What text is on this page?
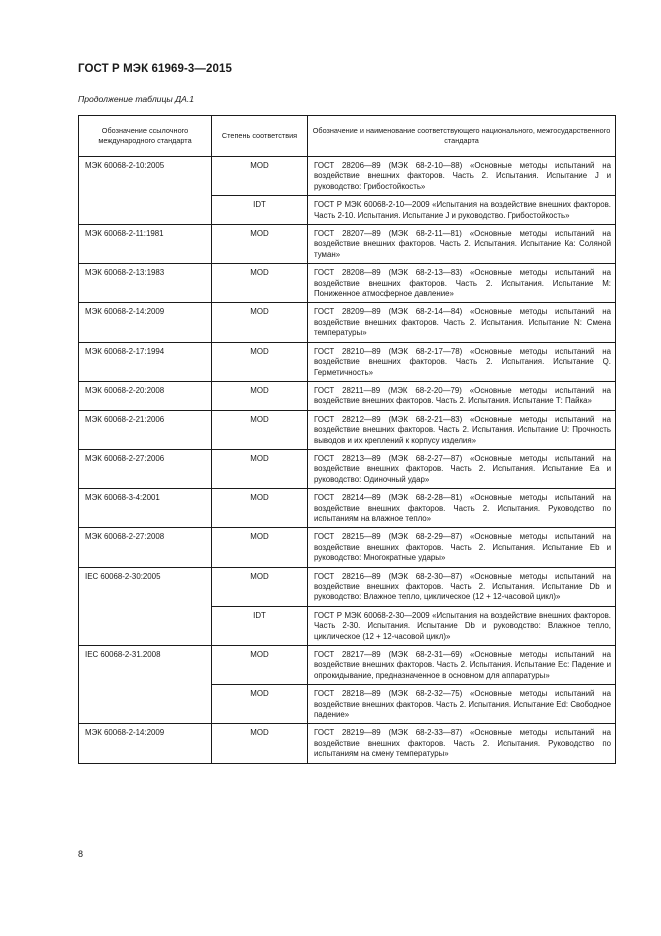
ГОСТ Р МЭК 61969-3—2015
Продолжение таблицы ДА.1
Обозначение ссылочного международного стандарта	Степень соответствия	Обозначение и наименование соответствующего национального, межгосударственного стандарта
МЭК 60068-2-10:2005	MOD	ГОСТ 28206—89 (МЭК 68-2-10—88) «Основные методы испытаний на воздействие внешних факторов. Часть 2. Испытания. Испытание J и руководство: Грибостойкость»
	IDT	ГОСТ Р МЭК 60068-2-10—2009 «Испытания на воздействие внешних факторов. Часть 2-10. Испытания. Испытание J и руководство. Грибостойкость»
МЭК 60068-2-11:1981	MOD	ГОСТ 28207—89 (МЭК 68-2-11—81) «Основные методы испытаний на воздействие внешних факторов. Часть 2. Испытания. Испытание Ка: Соляной туман»
МЭК 60068-2-13:1983	MOD	ГОСТ 28208—89 (МЭК 68-2-13—83) «Основные методы испытаний на воздействие внешних факторов. Часть 2. Испытания. Испытание М: Пониженное атмосферное давление»
МЭК 60068-2-14:2009	MOD	ГОСТ 28209—89 (МЭК 68-2-14—84) «Основные методы испытаний на воздействие внешних факторов. Часть 2. Испытания. Испытание N: Смена температуры»
МЭК 60068-2-17:1994	MOD	ГОСТ 28210—89 (МЭК 68-2-17—78) «Основные методы испытаний на воздействие внешних факторов. Часть 2. Испытания. Испытание Q. Герметичность»
МЭК 60068-2-20:2008	MOD	ГОСТ 28211—89 (МЭК 68-2-20—79) «Основные методы испытаний на воздействие внешних факторов. Часть 2. Испытания. Испытание Т: Пайка»
МЭК 60068-2-21:2006	MOD	ГОСТ 28212—89 (МЭК 68-2-21—83) «Основные методы испытаний на воздействие внешних факторов. Часть 2. Испытания. Испытание U: Прочность выводов и их креплений к корпусу изделия»
МЭК 60068-2-27:2006	MOD	ГОСТ 28213—89 (МЭК 68-2-27—87) «Основные методы испытаний на воздействие внешних факторов. Часть 2. Испытания. Испытание Еа и руководство: Одиночный удар»
МЭК 60068-3-4:2001	MOD	ГОСТ 28214—89 (МЭК 68-2-28—81) «Основные методы испытаний на воздействие внешних факторов. Часть 2. Испытания. Руководство по испытаниям на влажное тепло»
МЭК 60068-2-27:2008	MOD	ГОСТ 28215—89 (МЭК 68-2-29—87) «Основные методы испытаний на воздействие внешних факторов. Часть 2. Испытания. Испытание Eb и руководство: Многократные удары»
IEC 60068-2-30:2005	MOD	ГОСТ 28216—89 (МЭК 68-2-30—87) «Основные методы испытаний на воздействие внешних факторов. Часть 2. Испытания. Испытание Db и руководство: Влажное тепло, циклическое (12 + 12-часовой цикл)»
	IDT	ГОСТ Р МЭК 60068-2-30—2009 «Испытания на воздействие внешних факторов. Часть 2-30. Испытания. Испытание Db и руководство: Влажное тепло, циклическое (12 + 12-часовой цикл)»
IEC 60068-2-31.2008	MOD	ГОСТ 28217—89 (МЭК 68-2-31—69) «Основные методы испытаний на воздействие внешних факторов. Часть 2. Испытания. Испытание Ес: Падение и опрокидывание, предназначенное в основном для аппаратуры»
	MOD	ГОСТ 28218—89 (МЭК 68-2-32—75) «Основные методы испытаний на воздействие внешних факторов. Часть 2. Испытания. Испытание Ed: Свободное падение»
МЭК 60068-2-14:2009	MOD	ГОСТ 28219—89 (МЭК 68-2-33—87) «Основные методы испытаний на воздействие внешних факторов. Часть 2. Испытания. Руководство по испытаниям на смену температуры»
8
